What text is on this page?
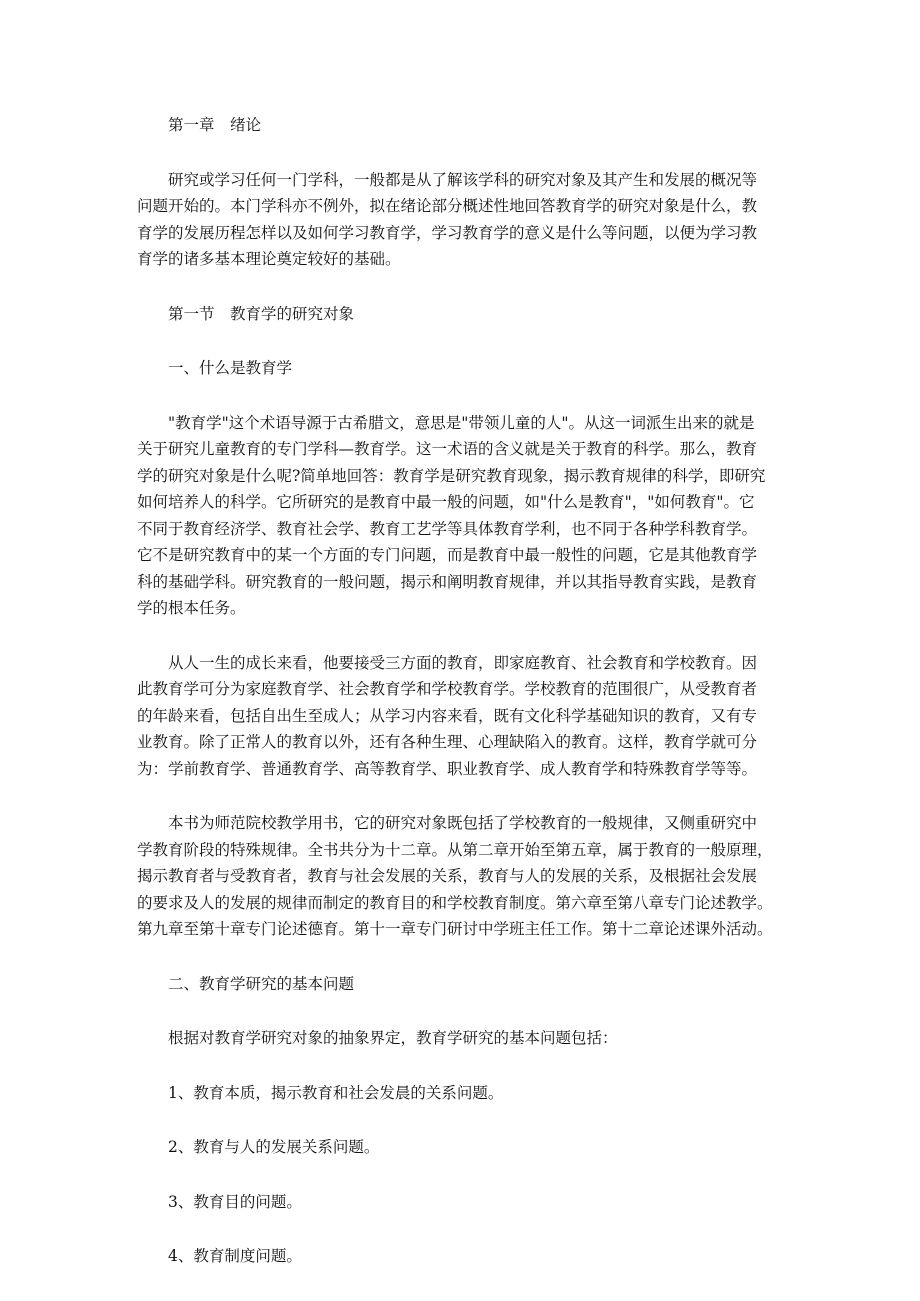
第一章　绪论

研究或学习任何一门学科，一般都是从了解该学科的研究对象及其产生和发展的概况等

问题开始的。本门学科亦不例外，拟在绪论部分概述性地回答教育学的研究对象是什么，教

育学的发展历程怎样以及如何学习教育学，学习教育学的意义是什么等问题，以便为学习教

育学的诸多基本理论奠定较好的基础。

第一节　教育学的研究对象

一、什么是教育学

"教育学"这个术语导源于古希腊文，意思是"带领儿童的人"。从这一词派生出来的就是

关于研究儿童教育的专门学科—教育学。这一术语的含义就是关于教育的科学。那么，教育

学的研究对象是什么呢?简单地回答：教育学是研究教育现象，揭示教育规律的科学，即研究

如何培养人的科学。它所研究的是教育中最一般的问题，如"什么是教育"，"如何教育"。它

不同于教育经济学、教育社会学、教育工艺学等具体教育学利，也不同于各种学科教育学。

它不是研究教育中的某一个方面的专门问题，而是教育中最一般性的问题，它是其他教育学

科的基础学科。研究教育的一般问题，揭示和阐明教育规律，并以其指导教育实践，是教育

学的根本任务。

从人一生的成长来看，他要接受三方面的教育，即家庭教育、社会教育和学校教育。因

此教育学可分为家庭教育学、社会教育学和学校教育学。学校教育的范围很广，从受教育者

的年龄来看，包括自出生至成人；从学习内容来看，既有文化科学基础知识的教育，又有专

业教育。除了正常人的教育以外，还有各种生理、心理缺陷入的教育。这样，教育学就可分

为：学前教育学、普通教育学、高等教育学、职业教育学、成人教育学和特殊教育学等等。

本书为师范院校教学用书，它的研究对象既包括了学校教育的一般规律，又侧重研究中

学教育阶段的特殊规律。全书共分为十二章。从第二章开始至第五章，属于教育的一般原理，

揭示教育者与受教育者，教育与社会发展的关系，教育与人的发展的关系，及根据社会发展

的要求及人的发展的规律而制定的教育目的和学校教育制度。第六章至第八章专门论述教学。

第九章至第十章专门论述德育。第十一章专门研讨中学班主任工作。第十二章论述课外活动。

二、教育学研究的基本问题

根据对教育学研究对象的抽象界定，教育学研究的基本问题包括：

1、教育本质，揭示教育和社会发晨的关系问题。

2、教育与人的发展关系问题。

3、教育目的问题。

4、教育制度问题。
